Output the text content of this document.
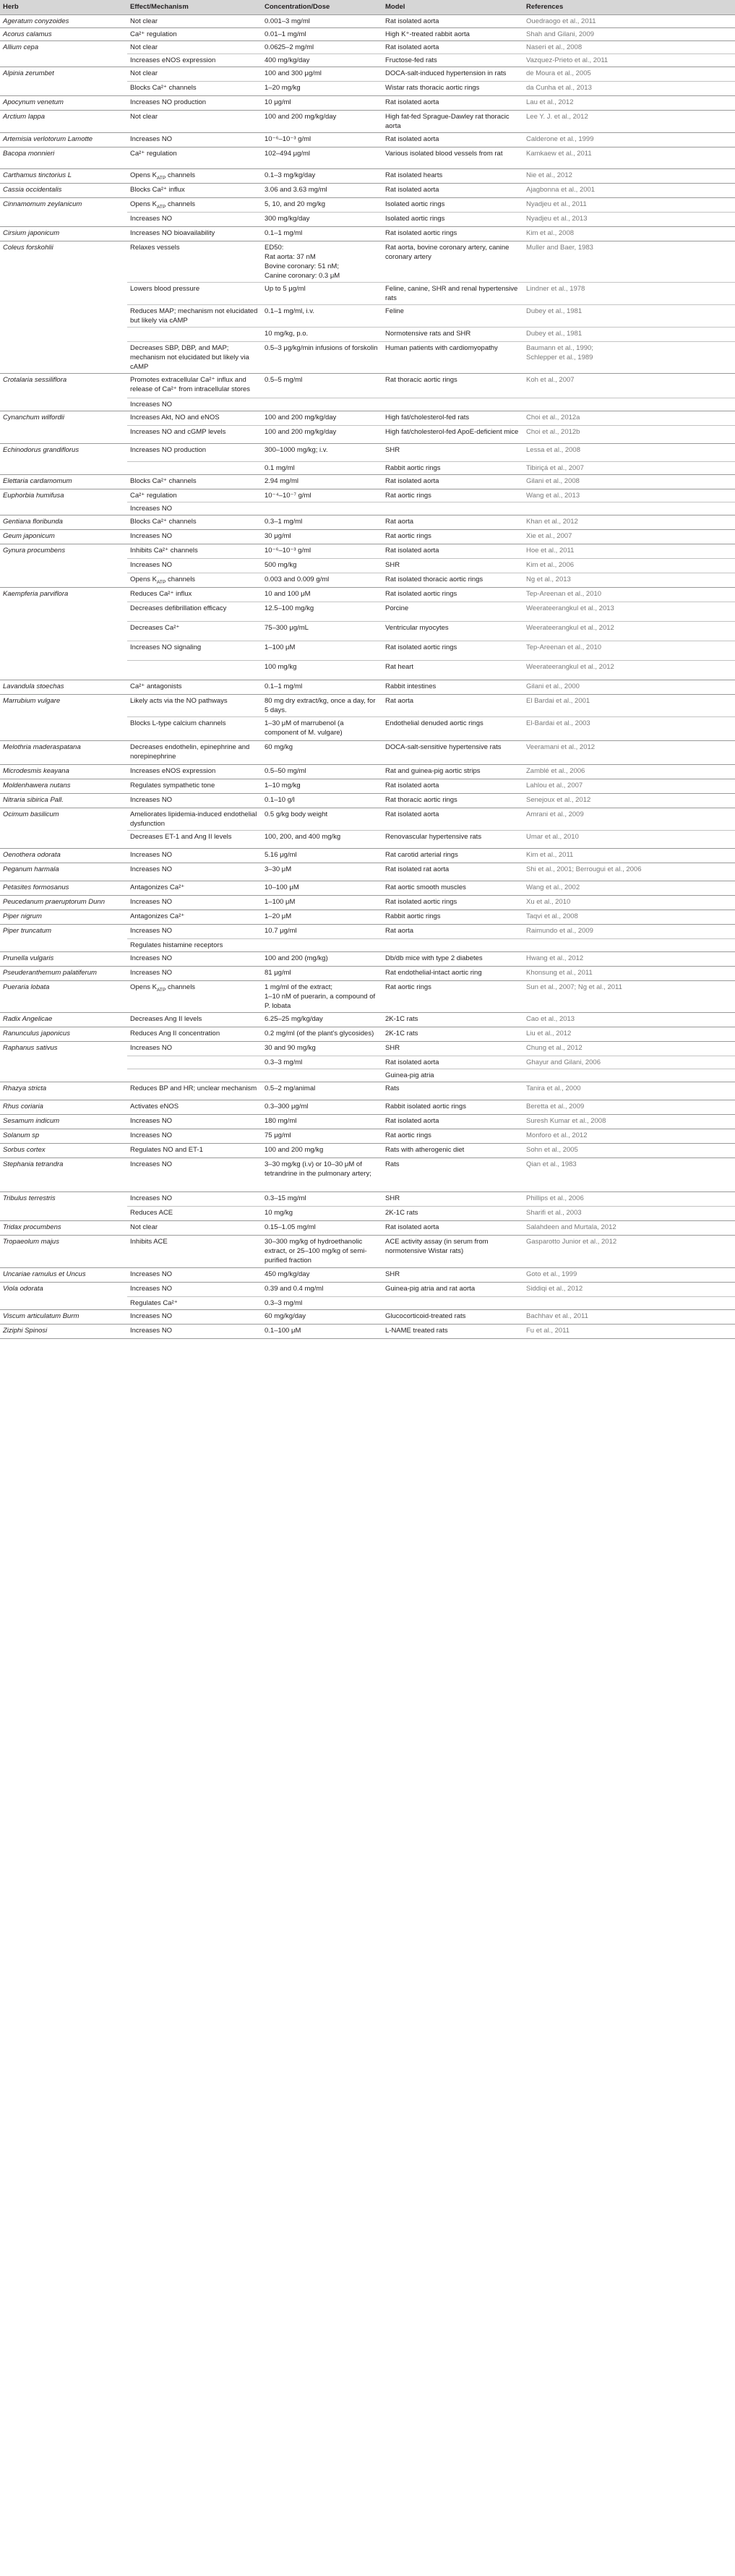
Herb	Effect/Mechanism	Concentration/Dose	Model	References
Ageratum conyzoides	Not clear	0.001–3 mg/ml	Rat isolated aorta	Ouedraogo et al., 2011
Acorus calamus	Ca²⁺ regulation	0.01–1 mg/ml	High K⁺-treated rabbit aorta	Shah and Gilani, 2009
Allium cepa	Not clear	0.0625–2 mg/ml	Rat isolated aorta	Naseri et al., 2008
	Increases eNOS expression	400 mg/kg/day	Fructose-fed rats	Vazquez-Prieto et al., 2011
Alpinia zerumbet	Not clear	100 and 300 μg/ml	DOCA-salt-induced hypertension in rats	de Moura et al., 2005
	Blocks Ca²⁺ channels	1–20 mg/kg	Wistar rats thoracic aortic rings	da Cunha et al., 2013
Apocynum venetum	Increases NO production	10 μg/ml	Rat isolated aorta	Lau et al., 2012
Arctium lappa	Not clear	100 and 200 mg/kg/day	High fat-fed Sprague-Dawley rat thoracic aorta	Lee Y. J. et al., 2012
Artemisia verlotorum Lamotte	Increases NO	10⁻⁶–10⁻³ g/ml	Rat isolated aorta	Calderone et al., 1999
Bacopa monnieri	Ca²⁺ regulation	102–494 μg/ml	Various isolated blood vessels from rat	Kamkaew et al., 2011
Carthamus tinctorius L	Opens $K_{ATP}$ channels	0.1–3 mg/kg/day	Rat isolated hearts	Nie et al., 2012
Cassia occidentalis	Blocks Ca²⁺ influx	3.06 and 3.63 mg/ml	Rat isolated aorta	Ajagbonna et al., 2001
Cinnamomum zeylanicum	Opens $K_{ATP}$ channels	5, 10, and 20 mg/kg	Isolated aortic rings	Nyadjeu et al., 2011
	Increases NO	300 mg/kg/day	Isolated aortic rings	Nyadjeu et al., 2013
Cirsium japonicum	Increases NO bioavailability	0.1–1 mg/ml	Rat isolated aortic rings	Kim et al., 2008
Coleus forskohlii	Relaxes vessels	ED50:
Rat aorta: 37 nM
Bovine coronary: 51 nM;
Canine coronary: 0.3 μM	Rat aorta, bovine coronary artery, canine coronary artery	Muller and Baer, 1983
	Lowers blood pressure	Up to 5 μg/ml	Feline, canine, SHR and renal hypertensive rats	Lindner et al., 1978
	Reduces MAP; mechanism not elucidated but likely via cAMP	0.1–1 mg/ml, i.v.	Feline	Dubey et al., 1981
		10 mg/kg, p.o.	Normotensive rats and SHR	Dubey et al., 1981
	Decreases SBP, DBP, and MAP; mechanism not elucidated but likely via cAMP	0.5–3 μg/kg/min infusions of forskolin	Human patients with cardiomyopathy	Baumann et al., 1990;
Schlepper et al., 1989
Crotalaria sessiliflora	Promotes extracellular Ca²⁺ influx and release of Ca²⁺ from intracellular stores	0.5–5 mg/ml	Rat thoracic aortic rings	Koh et al., 2007
	Increases NO			
Cynanchum wilfordii	Increases Akt, NO and eNOS	100 and 200 mg/kg/day	High fat/cholesterol-fed rats	Choi et al., 2012a
	Increases NO and cGMP levels	100 and 200 mg/kg/day	High fat/cholesterol-fed ApoE-deficient mice	Choi et al., 2012b
Echinodorus grandiflorus	Increases NO production	300–1000 mg/kg; i.v.	SHR	Lessa et al., 2008
		0.1 mg/ml	Rabbit aortic rings	Tibiriçá et al., 2007
Elettaria cardamomum	Blocks Ca²⁺ channels	2.94 mg/ml	Rat isolated aorta	Gilani et al., 2008
Euphorbia humifusa	Ca²⁺ regulation	10⁻⁴–10⁻⁷ g/ml	Rat aortic rings	Wang et al., 2013
	Increases NO			
Gentiana floribunda	Blocks Ca²⁺ channels	0.3–1 mg/ml	Rat aorta	Khan et al., 2012
Geum japonicum	Increases NO	30 μg/ml	Rat aortic rings	Xie et al., 2007
Gynura procumbens	Inhibits Ca²⁺ channels	10⁻⁶–10⁻³ g/ml	Rat isolated aorta	Hoe et al., 2011
	Increases NO	500 mg/kg	SHR	Kim et al., 2006
	Opens $K_{ATP}$ channels	0.003 and 0.009 g/ml	Rat isolated thoracic aortic rings	Ng et al., 2013
Kaempferia parviflora	Reduces Ca²⁺ influx	10 and 100 μM	Rat isolated aortic rings	Tep-Areenan et al., 2010
	Decreases defibrillation efficacy	12.5–100 mg/kg	Porcine	Weerateerangkul et al., 2013
	Decreases Ca²⁺	75–300 μg/mL	Ventricular myocytes	Weerateerangkul et al., 2012
	Increases NO signaling	1–100 μM	Rat isolated aortic rings	Tep-Areenan et al., 2010
		100 mg/kg	Rat heart	Weerateerangkul et al., 2012
Lavandula stoechas	Ca²⁺ antagonists	0.1–1 mg/ml	Rabbit intestines	Gilani et al., 2000
Marrubium vulgare	Likely acts via the NO pathways	80 mg dry extract/kg, once a day, for 5 days.	Rat aorta	El Bardai et al., 2001
	Blocks L-type calcium channels	1–30 μM of marrubenol (a component of M. vulgare)	Endothelial denuded aortic rings	El-Bardai et al., 2003
Melothria maderaspatana	Decreases endothelin, epinephrine and norepinephrine	60 mg/kg	DOCA-salt-sensitive hypertensive rats	Veeramani et al., 2012
Microdesmis keayana	Increases eNOS expression	0.5–50 mg/ml	Rat and guinea-pig aortic strips	Zamblé et al., 2006
Moldenhawera nutans	Regulates sympathetic tone	1–10 mg/kg	Rat isolated aorta	Lahlou et al., 2007
Nitraria sibirica Pall.	Increases NO	0.1–10 g/l	Rat thoracic aortic rings	Senejoux et al., 2012
Ocimum basilicum	Ameliorates lipidemia-induced endothelial dysfunction	0.5 g/kg body weight	Rat isolated aorta	Amrani et al., 2009
	Decreases ET-1 and Ang II levels	100, 200, and 400 mg/kg	Renovascular hypertensive rats	Umar et al., 2010
Oenothera odorata	Increases NO	5.16 μg/ml	Rat carotid arterial rings	Kim et al., 2011
Peganum harmala	Increases NO	3–30 μM	Rat isolated rat aorta	Shi et al., 2001; Berrougui et al., 2006
Petasites formosanus	Antagonizes Ca²⁺	10–100 μM	Rat aortic smooth muscles	Wang et al., 2002
Peucedanum praeruptorum Dunn	Increases NO	1–100 μM	Rat isolated aortic rings	Xu et al., 2010
Piper nigrum	Antagonizes Ca²⁺	1–20 μM	Rabbit aortic rings	Taqvi et al., 2008
Piper truncatum	Increases NO	10.7 μg/ml	Rat aorta	Raimundo et al., 2009
	Regulates histamine receptors			
Prunella vulgaris	Increases NO	100 and 200 (mg/kg)	Db/db mice with type 2 diabetes	Hwang et al., 2012
Pseuderanthemum palatiferum	Increases NO	81 μg/ml	Rat endothelial-intact aortic ring	Khonsung et al., 2011
Pueraria lobata	Opens $K_{ATP}$ channels	1 mg/ml of the extract;
1–10 nM of puerarin, a compound of P. lobata	Rat aortic rings	Sun et al., 2007; Ng et al., 2011
Radix Angelicae	Decreases Ang II levels	6.25–25 mg/kg/day	2K-1C rats	Cao et al., 2013
Ranunculus japonicus	Reduces Ang II concentration	0.2 mg/ml (of the plant's glycosides)	2K-1C rats	Liu et al., 2012
Raphanus sativus	Increases NO	30 and 90 mg/kg	SHR	Chung et al., 2012
		0.3–3 mg/ml	Rat isolated aorta	Ghayur and Gilani, 2006
			Guinea-pig atria	
Rhazya stricta	Reduces BP and HR; unclear mechanism	0.5–2 mg/animal	Rats	Tanira et al., 2000
Rhus coriaria	Activates eNOS	0.3–300 μg/ml	Rabbit isolated aortic rings	Beretta et al., 2009
Sesamum indicum	Increases NO	180 mg/ml	Rat isolated aorta	Suresh Kumar et al., 2008
Solanum sp	Increases NO	75 μg/ml	Rat aortic rings	Monforo et al., 2012
Sorbus cortex	Regulates NO and ET-1	100 and 200 mg/kg	Rats with atherogenic diet	Sohn et al., 2005
Stephania tetrandra	Increases NO	3–30 mg/kg (i.v) or 10–30 μM of tetrandrine in the pulmonary artery;	Rats	Qian et al., 1983
Tribulus terrestris	Increases NO	0.3–15 mg/ml	SHR	Phillips et al., 2006
	Reduces ACE	10 mg/kg	2K-1C rats	Sharifi et al., 2003
Tridax procumbens	Not clear	0.15–1.05 mg/ml	Rat isolated aorta	Salahdeen and Murtala, 2012
Tropaeolum majus	Inhibits ACE	30–300 mg/kg of hydroethanolic extract, or 25–100 mg/kg of semi-purified fraction	ACE activity assay (in serum from normotensive Wistar rats)	Gasparotto Junior et al., 2012
Uncariae ramulus et Uncus	Increases NO	450 mg/kg/day	SHR	Goto et al., 1999
Viola odorata	Increases NO	0.39 and 0.4 mg/ml	Guinea-pig atria and rat aorta	Siddiqi et al., 2012
	Regulates Ca²⁺	0.3–3 mg/ml		
Viscum articulatum Burm	Increases NO	60 mg/kg/day	Glucocorticoid-treated rats	Bachhav et al., 2011
Ziziphi Spinosi	Increases NO	0.1–100 μM	L-NAME treated rats	Fu et al., 2011
